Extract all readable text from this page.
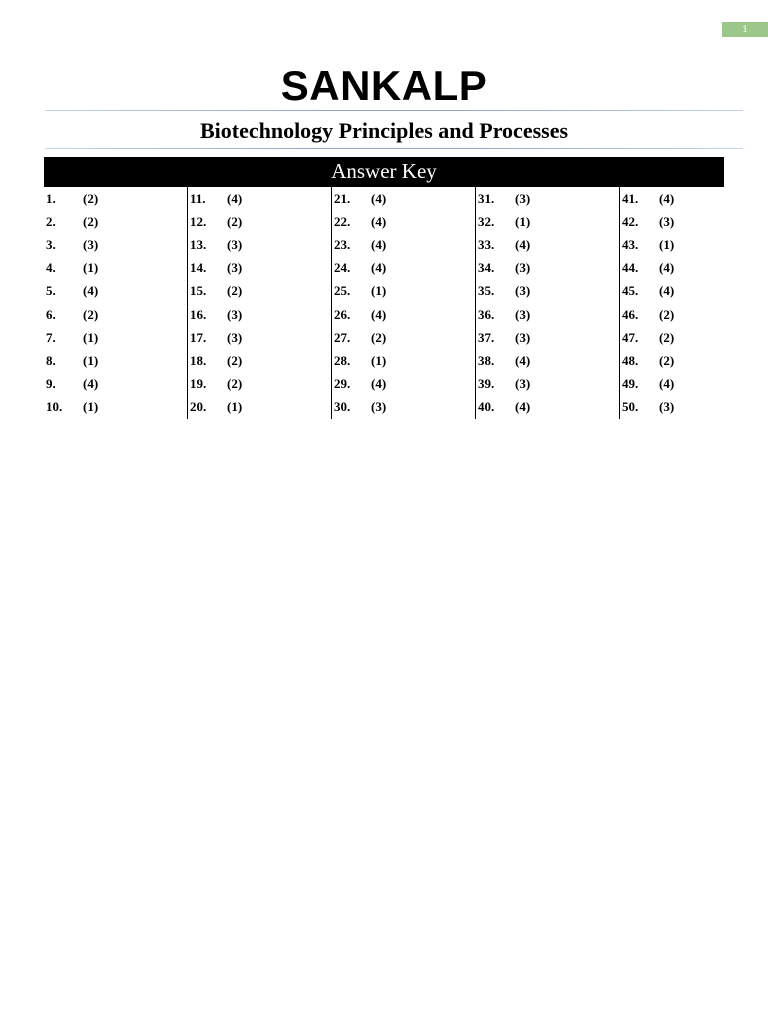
1
SANKALP
Biotechnology Principles and Processes
Answer Key
1.	(2)
2.	(2)
3.	(3)
4.	(1)
5.	(4)
6.	(2)
7.	(1)
8.	(1)
9.	(4)
10.	(1)
11.	(4)
12.	(2)
13.	(3)
14.	(3)
15.	(2)
16.	(3)
17.	(3)
18.	(2)
19.	(2)
20.	(1)
21.	(4)
22.	(4)
23.	(4)
24.	(4)
25.	(1)
26.	(4)
27.	(2)
28.	(1)
29.	(4)
30.	(3)
31.	(3)
32.	(1)
33.	(4)
34.	(3)
35.	(3)
36.	(3)
37.	(3)
38.	(4)
39.	(3)
40.	(4)
41.	(4)
42.	(3)
43.	(1)
44.	(4)
45.	(4)
46.	(2)
47.	(2)
48.	(2)
49.	(4)
50.	(3)
